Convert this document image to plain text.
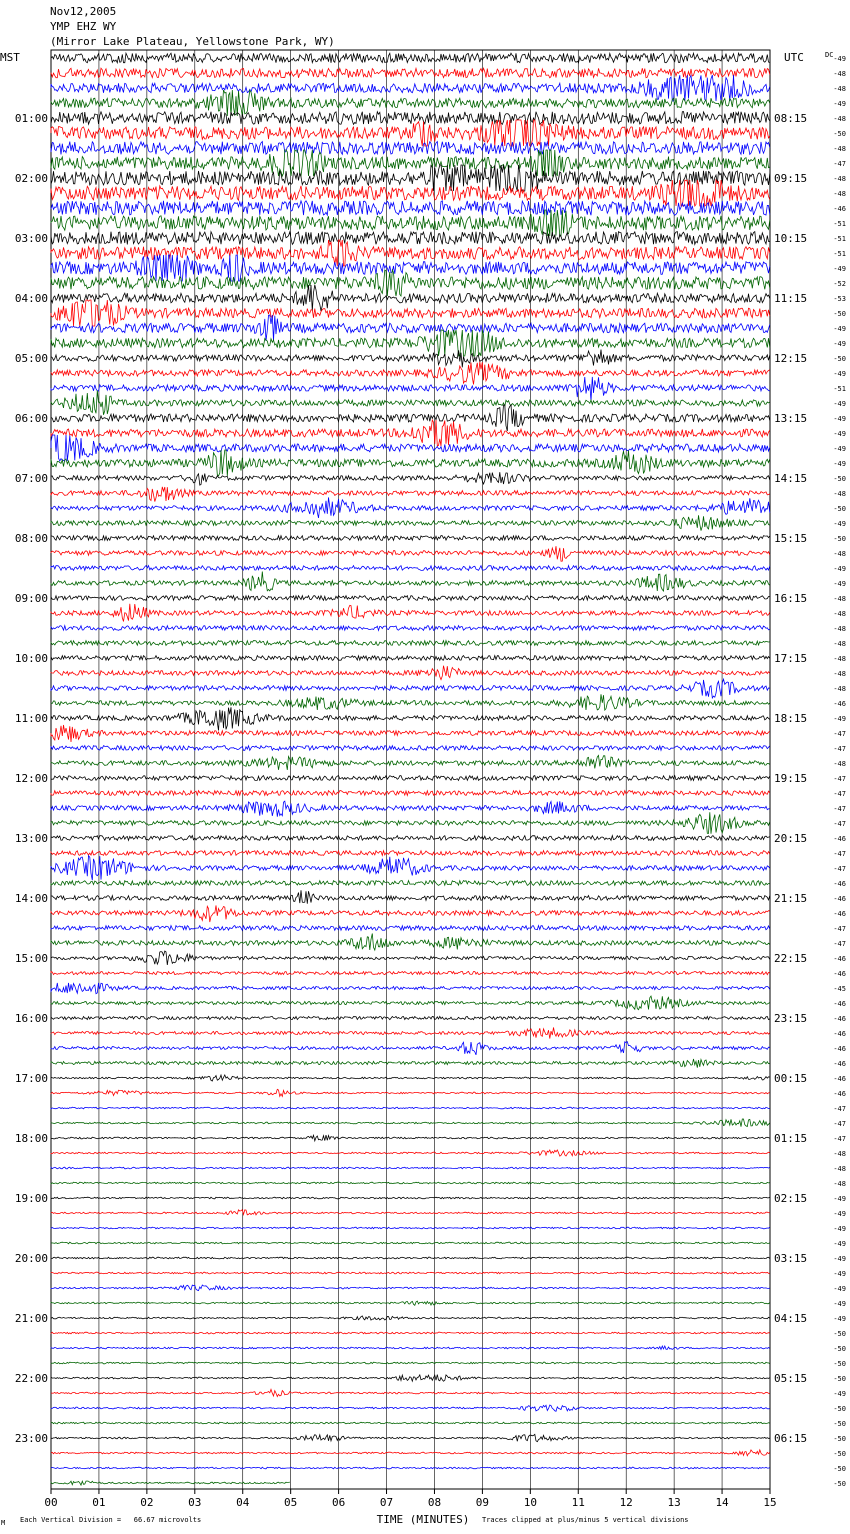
Nov12,2005
YMP EHZ WY
(Mirror Lake Plateau, Yellowstone Park, WY)
MST	UTC	DC
01:00
02:00
03:00
04:00
05:00
06:00
07:00
08:00
09:00
10:00
11:00
12:00
13:00
14:00
15:00
16:00
17:00
18:00
19:00
20:00
21:00
22:00
23:00
08:15
09:15
10:15
11:15
12:15
13:15
14:15
15:15
16:15
17:15
18:15
19:15
20:15
21:15
22:15
23:15
00:15
01:15
02:15
03:15
04:15
05:15
06:15
-49
-48
-48
-49
-48
-50
-48
-47
-48
-48
-46
-51
-51
-51
-49
-52
-53
-50
-49
-49
-50
-49
-51
-49
-49
-49
-49
-49
-50
-48
-50
-49
-50
-48
-49
-49
-48
-48
-48
-48
-48
-48
-48
-46
-49
-47
-47
-48
-47
-47
-47
-47
-46
-47
-47
-46
-46
-46
-47
-47
-46
-46
-45
-46
-46
-46
-46
-46
-46
-46
-47
-47
-47
-48
-48
-48
-49
-49
-49
-49
-49
-49
-49
-49
-49
-50
-50
-50
-50
-49
-50
-50
-50
-50
-50
-50
00	01	02	03	04	05	06	07	08	09	10	11	12	13	14	15
TIME (MINUTES)
M Each Vertical Division =   66.67 microvolts	Traces clipped at plus/minus 5 vertical divisions
